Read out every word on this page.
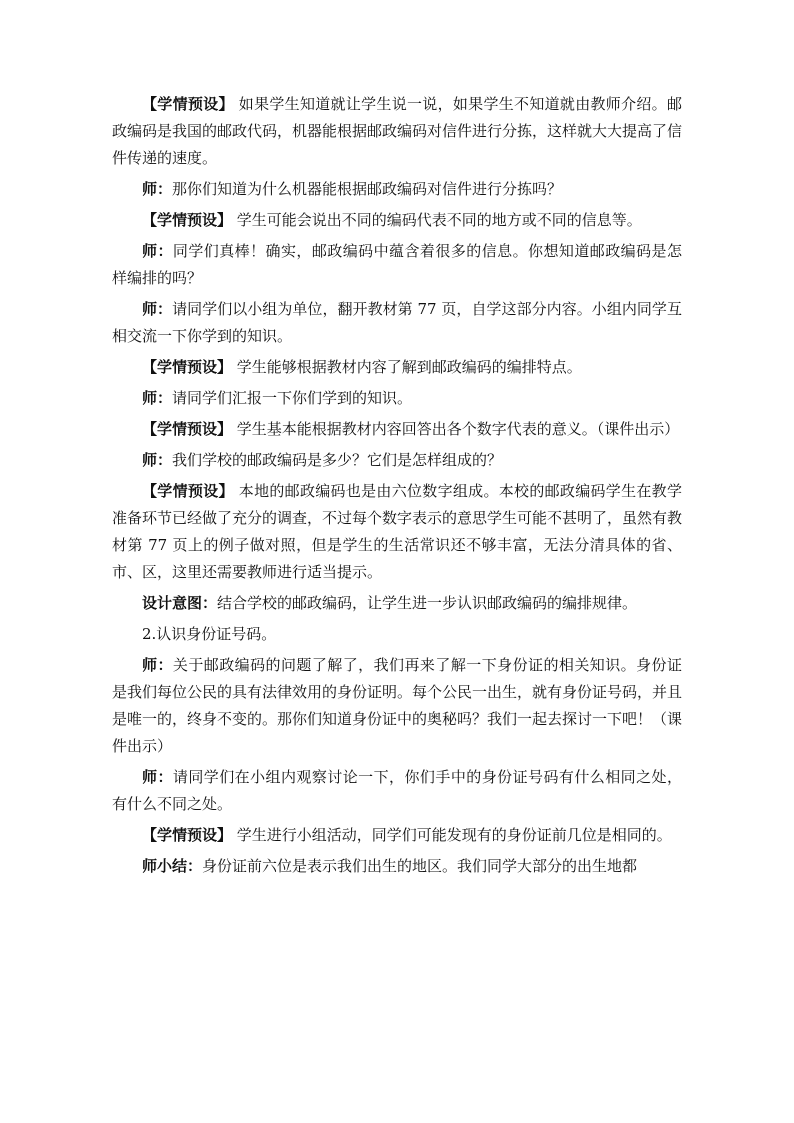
【学情预设】 如果学生知道就让学生说一说，如果学生不知道就由教师介绍。邮政编码是我国的邮政代码，机器能根据邮政编码对信件进行分拣，这样就大大提高了信件传递的速度。

师：那你们知道为什么机器能根据邮政编码对信件进行分拣吗？

【学情预设】 学生可能会说出不同的编码代表不同的地方或不同的信息等。

师：同学们真棒！确实，邮政编码中蕴含着很多的信息。你想知道邮政编码是怎样编排的吗？

师：请同学们以小组为单位，翻开教材第 77 页，自学这部分内容。小组内同学互相交流一下你学到的知识。

【学情预设】 学生能够根据教材内容了解到邮政编码的编排特点。

师：请同学们汇报一下你们学到的知识。

【学情预设】 学生基本能根据教材内容回答出各个数字代表的意义。（课件出示）

师：我们学校的邮政编码是多少？它们是怎样组成的？

【学情预设】 本地的邮政编码也是由六位数字组成。本校的邮政编码学生在教学准备环节已经做了充分的调查，不过每个数字表示的意思学生可能不甚明了，虽然有教材第 77 页上的例子做对照，但是学生的生活常识还不够丰富，无法分清具体的省、市、区，这里还需要教师进行适当提示。

设计意图：结合学校的邮政编码，让学生进一步认识邮政编码的编排规律。

2.认识身份证号码。

师：关于邮政编码的问题了解了，我们再来了解一下身份证的相关知识。身份证是我们每位公民的具有法律效用的身份证明。每个公民一出生，就有身份证号码，并且是唯一的，终身不变的。那你们知道身份证中的奥秘吗？我们一起去探讨一下吧！（课件出示）

师：请同学们在小组内观察讨论一下，你们手中的身份证号码有什么相同之处，有什么不同之处。

【学情预设】 学生进行小组活动，同学们可能发现有的身份证前几位是相同的。

师小结：身份证前六位是表示我们出生的地区。我们同学大部分的出生地都
